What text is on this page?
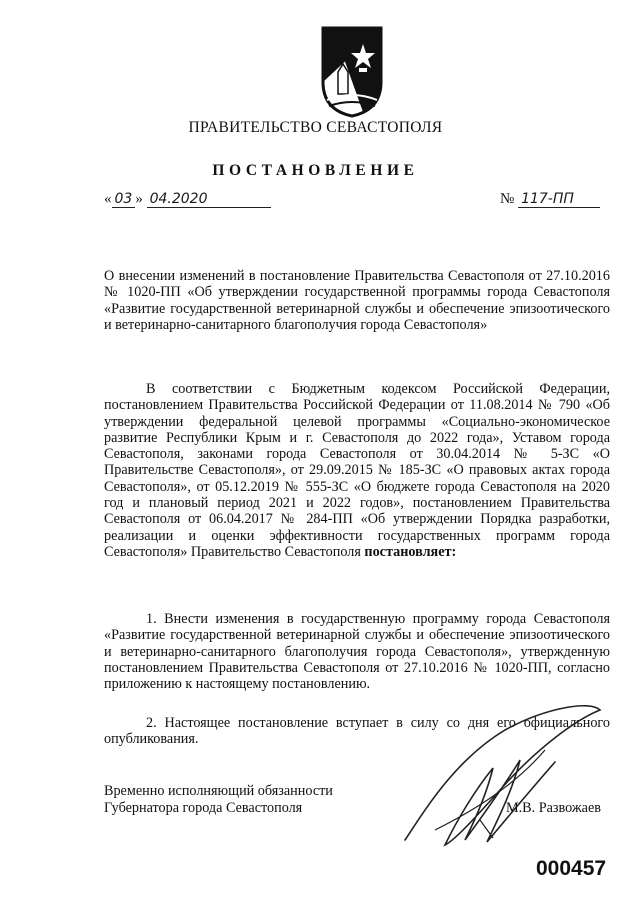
ПРАВИТЕЛЬСТВО СЕВАСТОПОЛЯ
ПОСТАНОВЛЕНИЕ
« 03 » 04.2020	№ 117-ПП
О внесении изменений в постановление Правительства Севастополя от 27.10.2016 № 1020-ПП «Об утверждении государственной программы города Севастополя «Развитие государственной ветеринарной службы и обеспечение эпизоотического и ветеринарно-санитарного благополучия города Севастополя»
В соответствии с Бюджетным кодексом Российской Федерации, постановлением Правительства Российской Федерации от 11.08.2014 № 790 «Об утверждении федеральной целевой программы «Социально-экономическое развитие Республики Крым и г. Севастополя до 2022 года», Уставом города Севастополя, законами города Севастополя от 30.04.2014 № 5-ЗС «О Правительстве Севастополя», от 29.09.2015 № 185-ЗС «О правовых актах города Севастополя», от 05.12.2019 № 555-ЗС «О бюджете города Севастополя на 2020 год и плановый период 2021 и 2022 годов», постановлением Правительства Севастополя от 06.04.2017 № 284-ПП «Об утверждении Порядка разработки, реализации и оценки эффективности государственных программ города Севастополя» Правительство Севастополя постановляет:
1. Внести изменения в государственную программу города Севастополя «Развитие государственной ветеринарной службы и обеспечение эпизоотического и ветеринарно-санитарного благополучия города Севастополя», утвержденную постановлением Правительства Севастополя от 27.10.2016 № 1020-ПП, согласно приложению к настоящему постановлению.
2. Настоящее постановление вступает в силу со дня его официального опубликования.
Временно исполняющий обязанности
Губернатора города Севастополя	М.В. Развожаев
000457
